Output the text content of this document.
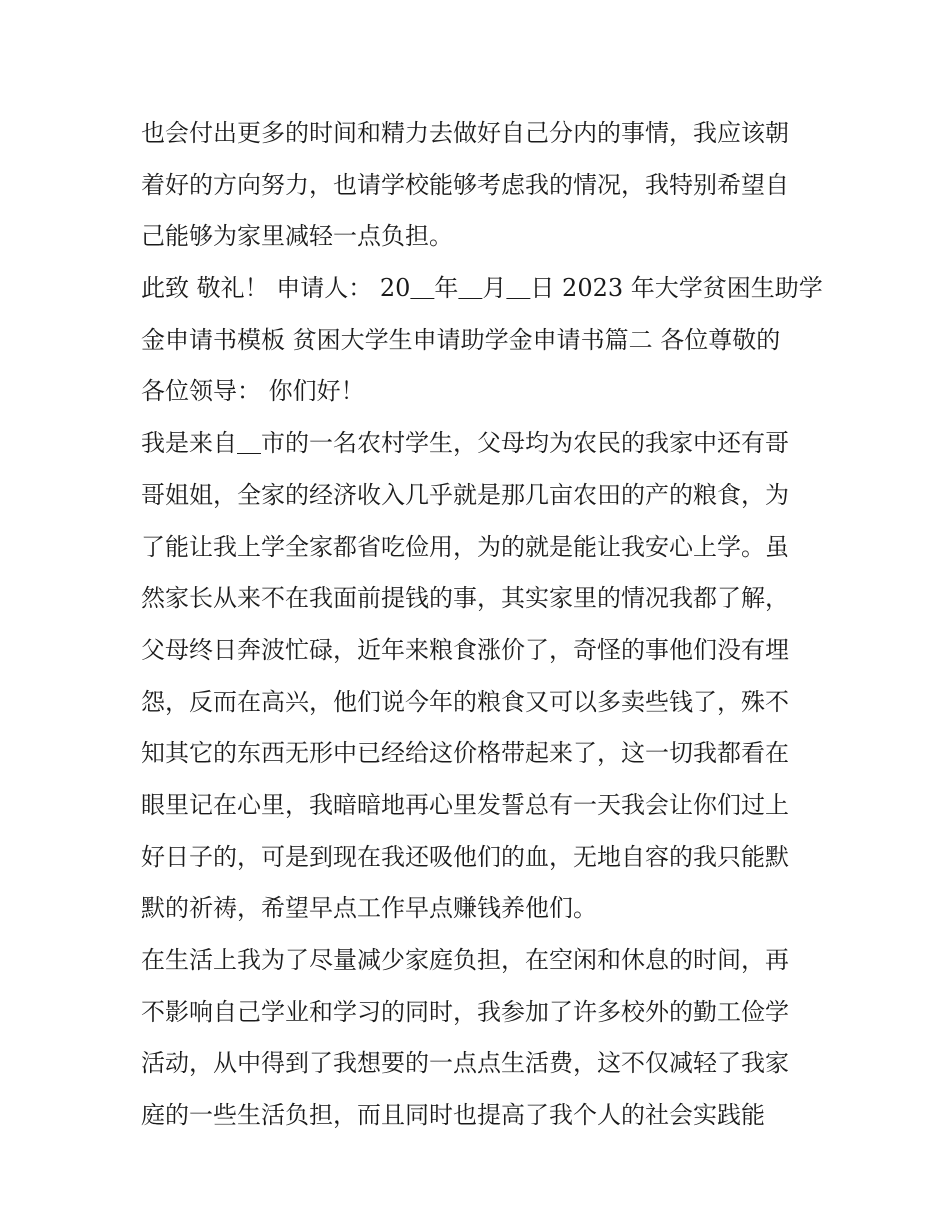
也会付出更多的时间和精力去做好自己分内的事情，我应该朝
着好的方向努力，也请学校能够考虑我的情况，我特别希望自
己能够为家里减轻一点负担。
此致 敬礼！ 申请人： 20＿年＿月＿日 2023 年大学贫困生助学
金申请书模板 贫困大学生申请助学金申请书篇二 各位尊敬的
各位领导： 你们好！
我是来自＿市的一名农村学生，父母均为农民的我家中还有哥
哥姐姐，全家的经济收入几乎就是那几亩农田的产的粮食，为
了能让我上学全家都省吃俭用，为的就是能让我安心上学。虽
然家长从来不在我面前提钱的事，其实家里的情况我都了解，
父母终日奔波忙碌，近年来粮食涨价了，奇怪的事他们没有埋
怨，反而在高兴，他们说今年的粮食又可以多卖些钱了，殊不
知其它的东西无形中已经给这价格带起来了，这一切我都看在
眼里记在心里，我暗暗地再心里发誓总有一天我会让你们过上
好日子的，可是到现在我还吸他们的血，无地自容的我只能默
默的祈祷，希望早点工作早点赚钱养他们。
在生活上我为了尽量减少家庭负担，在空闲和休息的时间，再
不影响自己学业和学习的同时，我参加了许多校外的勤工俭学
活动，从中得到了我想要的一点点生活费，这不仅减轻了我家
庭的一些生活负担，而且同时也提高了我个人的社会实践能
